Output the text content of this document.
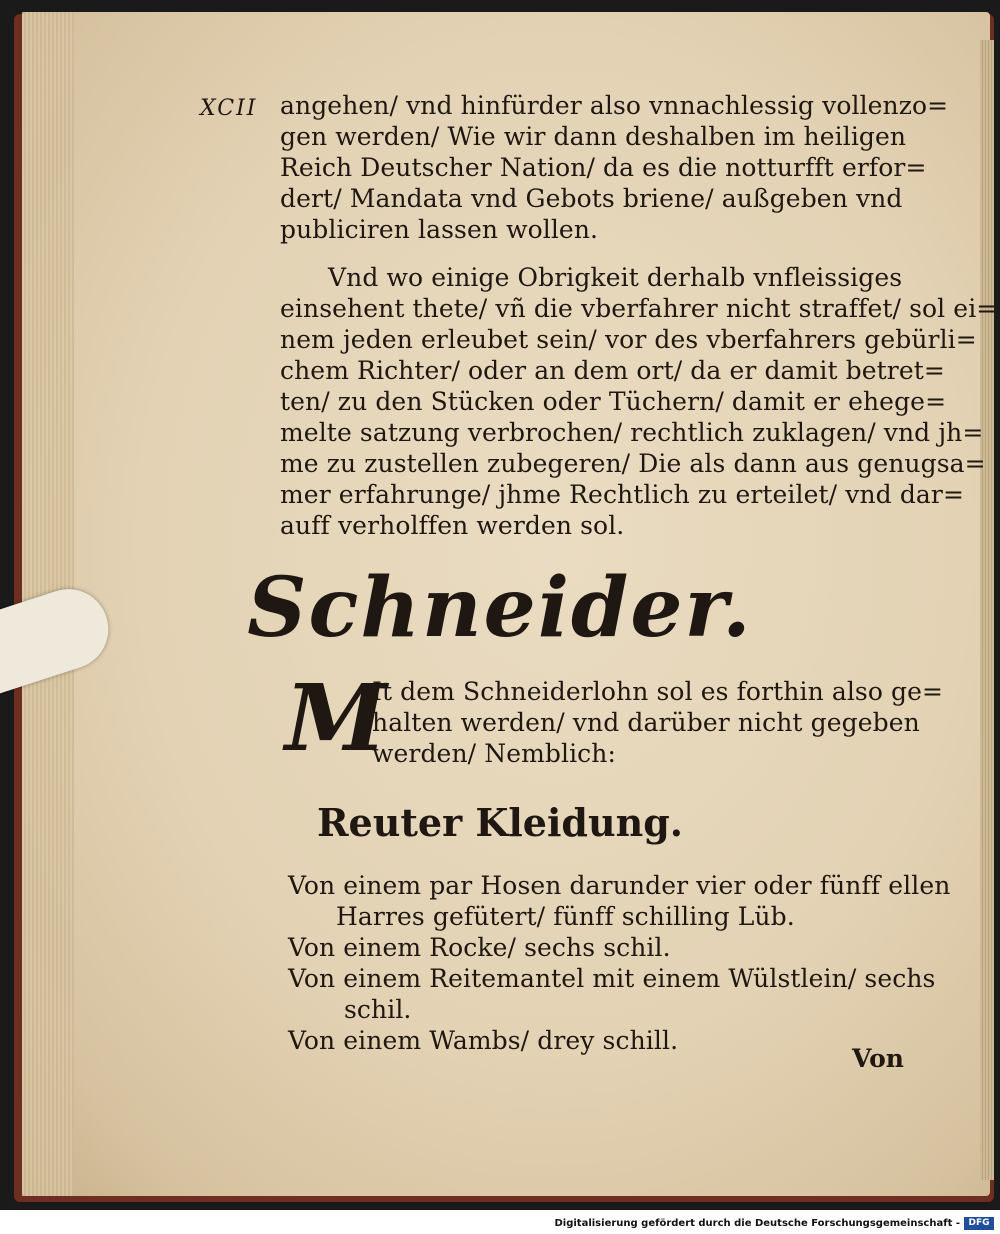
XCII angehen/ vnd hinfürder also vnnachlessig vollenzo=
gen werden/ Wie wir dann deshalben im heiligen
Reich Deutscher Nation/ da es die notturfft erfor=
dert/ Mandata vnd Gebots briene/ außgeben vnd
publiciren lassen wollen.
Vnd wo einige Obrigkeit derhalb vnfleissiges
einsehent thete/ vñ die vberfahrer nicht straffet/ sol ei=
nem jeden erleubet sein/ vor des vberfahrers gebürli=
chem Richter/ oder an dem ort/ da er damit betret=
ten/ zu den Stücken oder Tüchern/ damit er ehege=
melte satzung verbrochen/ rechtlich zuklagen/ vnd jh=
me zu zustellen zubegeren/ Die als dann aus genugsa=
mer erfahrunge/ jhme Rechtlich zu erteilet/ vnd dar=
auff verholffen werden sol.
Schneider.
M
It dem Schneiderlohn sol es forthin also ge=
halten werden/ vnd darüber nicht gegeben
werden/ Nemblich:
Reuter Kleidung.
Von einem par Hosen darunder vier oder fünff ellen
Harres gefütert/ fünff schilling Lüb.
Von einem Rocke/ sechs schil.
Von einem Reitemantel mit einem Wülstlein/ sechs
schil.
Von einem Wambs/ drey schill.
Von
Digitalisierung gefördert durch die Deutsche Forschungsgemeinschaft - DFG
